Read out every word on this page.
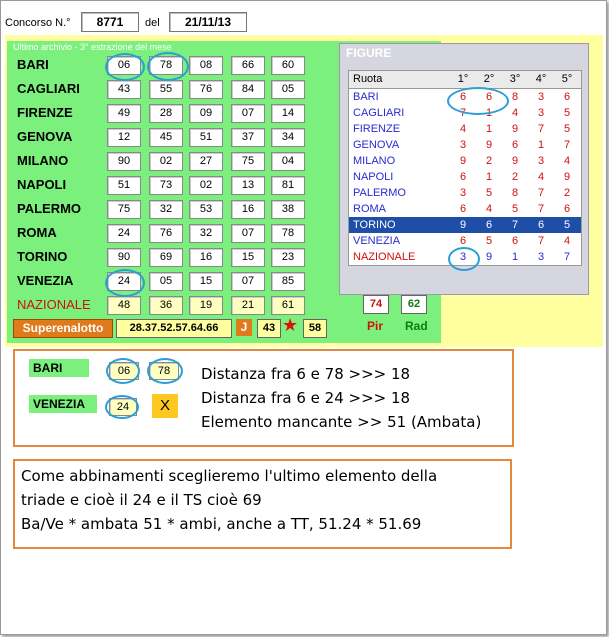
Concorso N.°	8771	del	21/11/13
Ultimo archivio - 3° estrazione del mese
BARI	06	78	08	66	60
CAGLIARI	43	55	76	84	05
FIRENZE	49	28	09	07	14
GENOVA	12	45	51	37	34
MILANO	90	02	27	75	04
NAPOLI	51	73	02	13	81
PALERMO	75	32	53	16	38
ROMA	24	76	32	07	78
TORINO	90	69	16	15	23
VENEZIA	24	05	15	07	85
NAZIONALE	48	36	19	21	61
Superenalotto	28.37.52.57.64.66	J	43 ★ 58
FIGURE
Ruota	1°	2°	3°	4°	5°
BARI	6	6	8	3	6
CAGLIARI	7	1	4	3	5
FIRENZE	4	1	9	7	5
GENOVA	3	9	6	1	7
MILANO	9	2	9	3	4
NAPOLI	6	1	2	4	9
PALERMO	3	5	8	7	2
ROMA	6	4	5	7	6
TORINO	9	6	7	6	5
VENEZIA	6	5	6	7	4
NAZIONALE	3	9	1	3	7
74	62
Pir Rad
BARI	06	78
VENEZIA	24	X
Distanza fra 6 e 78 >>> 18
Distanza fra 6 e 24 >>> 18
Elemento mancante >> 51 (Ambata)
Come abbinamenti sceglieremo l'ultimo elemento della
triade e cioè il 24 e il TS cioè 69
Ba/Ve * ambata 51 * ambi, anche a TT, 51.24 * 51.69
